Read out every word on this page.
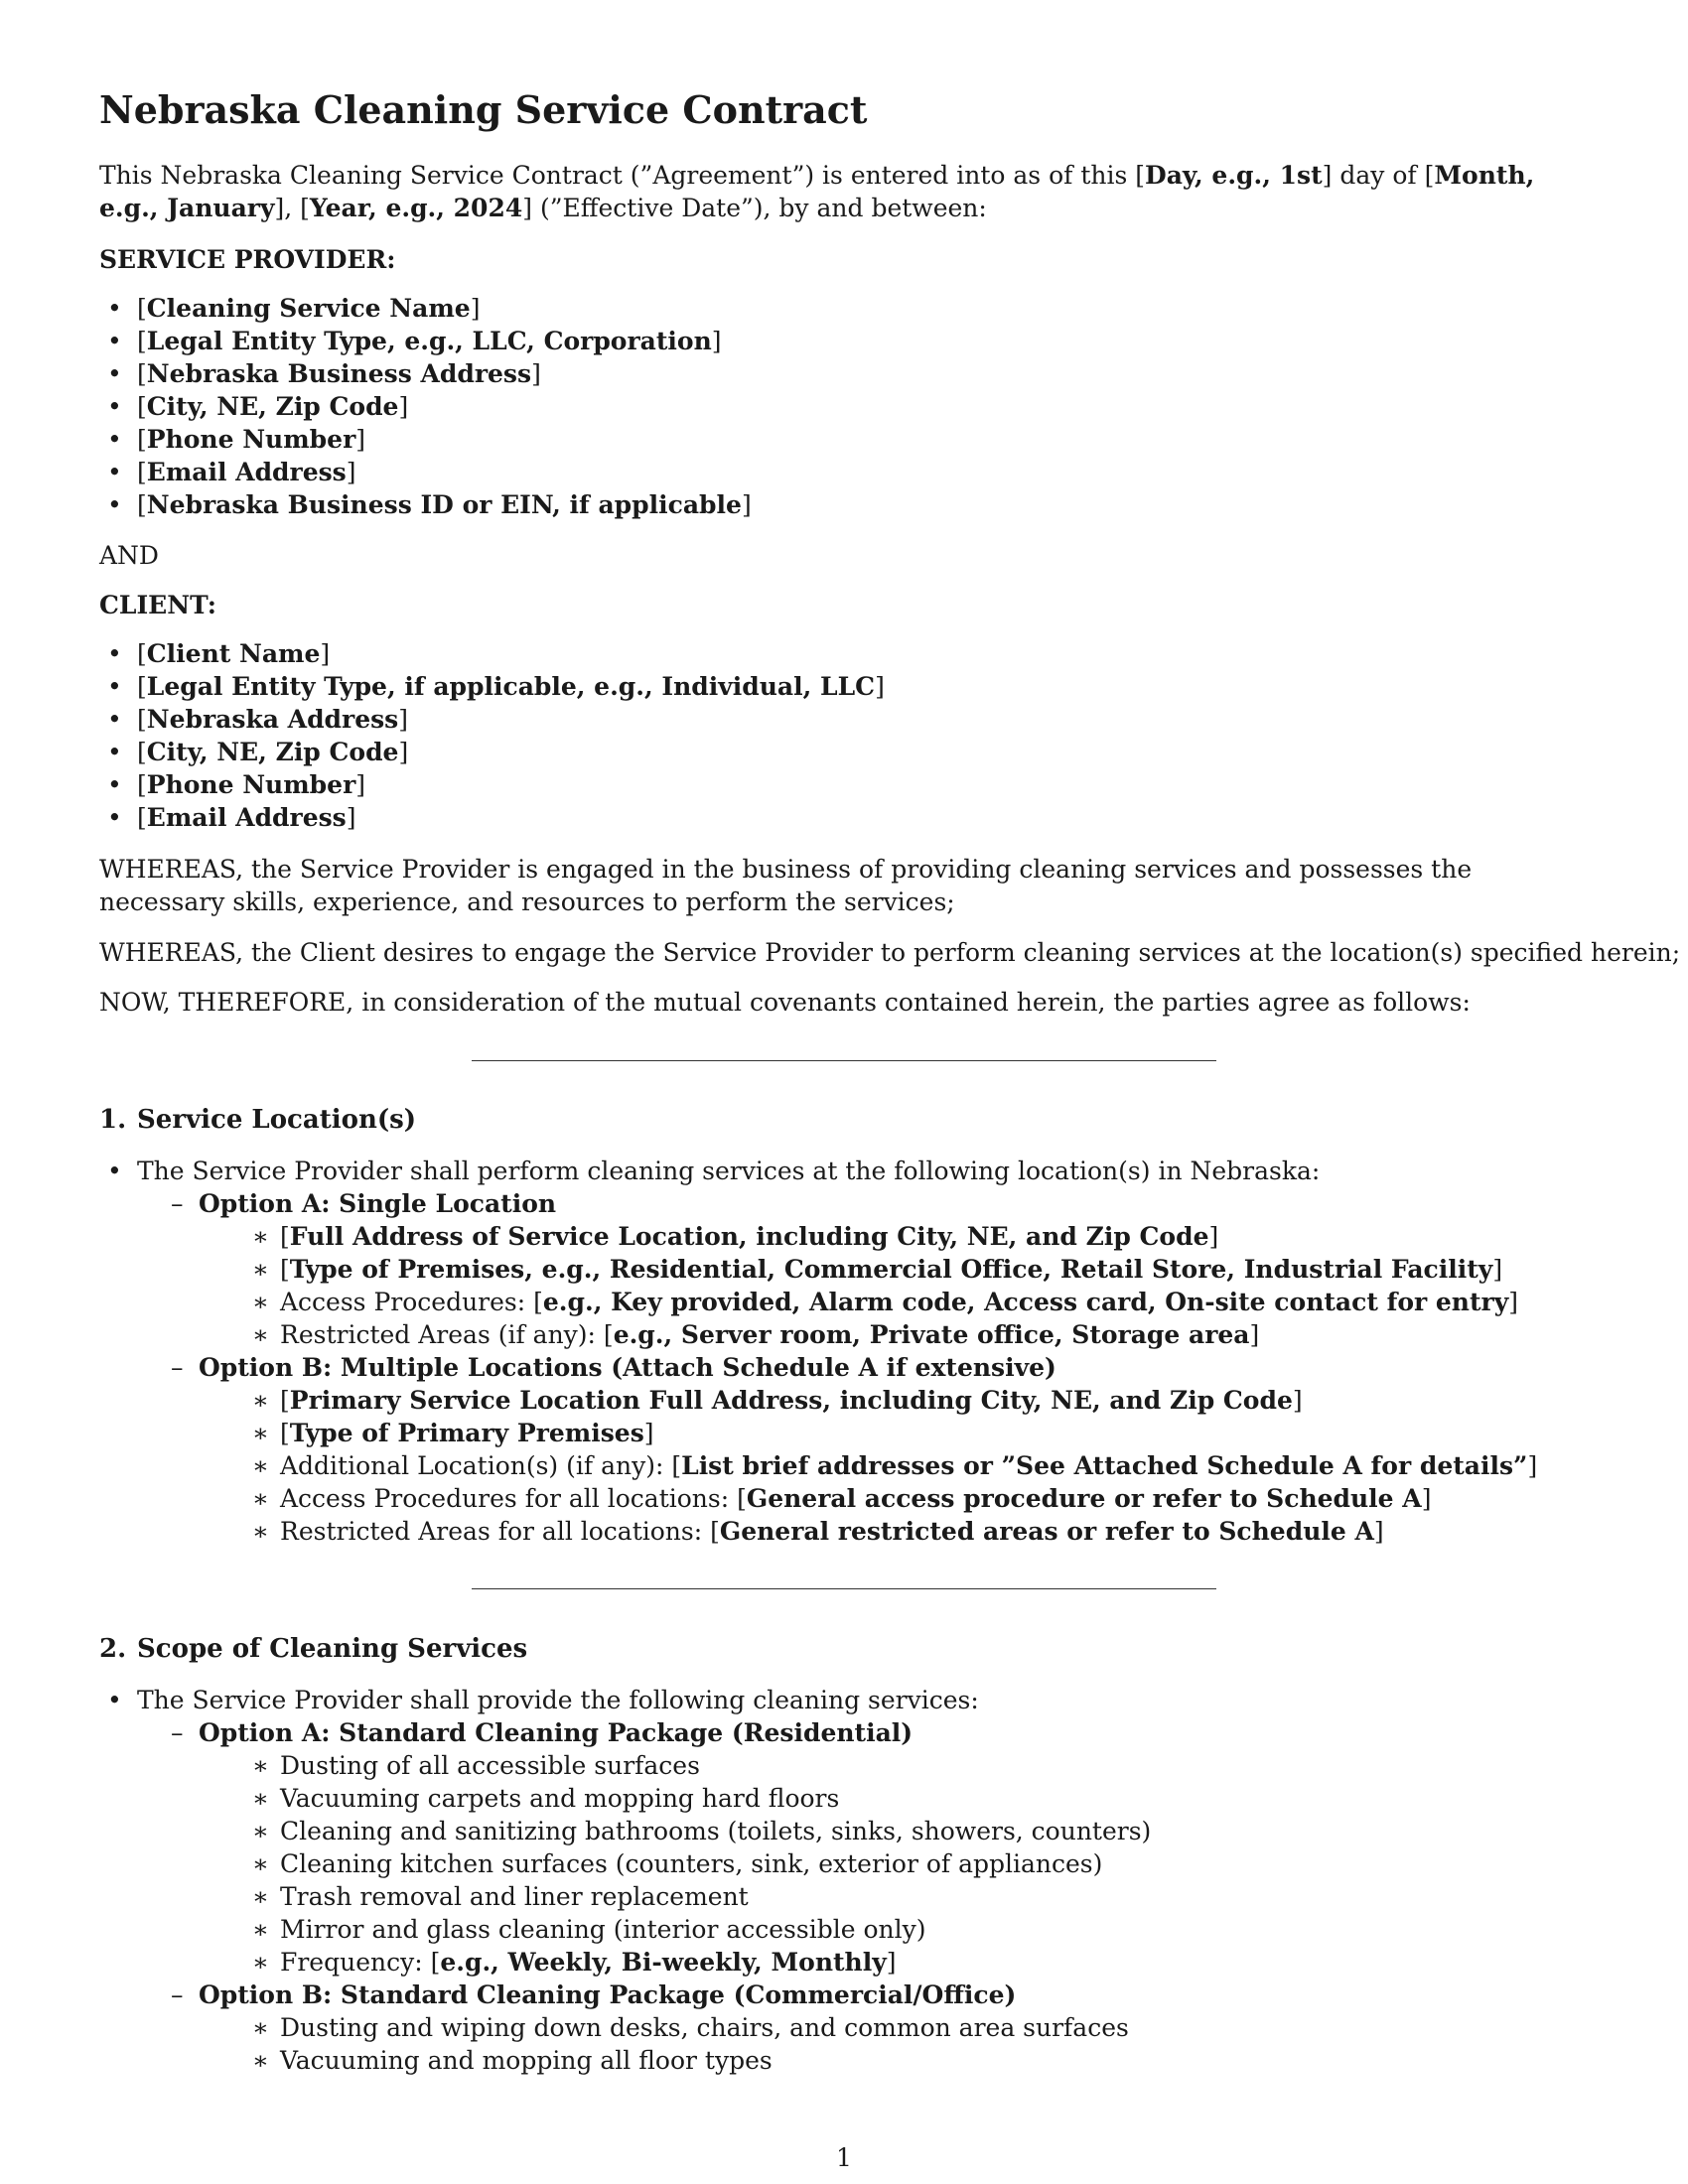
Nebraska Cleaning Service Contract

This Nebraska Cleaning Service Contract (”Agreement”) is entered into as of this [Day, e.g., 1st] day of [Month, e.g., January], [Year, e.g., 2024] (”Effective Date”), by and between:

SERVICE PROVIDER:

• [Cleaning Service Name]
• [Legal Entity Type, e.g., LLC, Corporation]
• [Nebraska Business Address]
• [City, NE, Zip Code]
• [Phone Number]
• [Email Address]
• [Nebraska Business ID or EIN, if applicable]

AND

CLIENT:

• [Client Name]
• [Legal Entity Type, if applicable, e.g., Individual, LLC]
• [Nebraska Address]
• [City, NE, Zip Code]
• [Phone Number]
• [Email Address]

WHEREAS, the Service Provider is engaged in the business of providing cleaning services and possesses the necessary skills, experience, and resources to perform the services;

WHEREAS, the Client desires to engage the Service Provider to perform cleaning services at the location(s) specified herein;

NOW, THEREFORE, in consideration of the mutual covenants contained herein, the parties agree as follows:

1. Service Location(s)

• The Service Provider shall perform cleaning services at the following location(s) in Nebraska:

– Option A: Single Location

∗ [Full Address of Service Location, including City, NE, and Zip Code]

∗ [Type of Premises, e.g., Residential, Commercial Office, Retail Store, Industrial Facility]

∗ Access Procedures: [e.g., Key provided, Alarm code, Access card, On-site contact for entry]

∗ Restricted Areas (if any): [e.g., Server room, Private office, Storage area]

– Option B: Multiple Locations (Attach Schedule A if extensive)

∗ [Primary Service Location Full Address, including City, NE, and Zip Code]

∗ [Type of Primary Premises]

∗ Additional Location(s) (if any): [List brief addresses or ”See Attached Schedule A for details”]

∗ Access Procedures for all locations: [General access procedure or refer to Schedule A]

∗ Restricted Areas for all locations: [General restricted areas or refer to Schedule A]

2. Scope of Cleaning Services

• The Service Provider shall provide the following cleaning services:

– Option A: Standard Cleaning Package (Residential)

∗ Dusting of all accessible surfaces

∗ Vacuuming carpets and mopping hard floors

∗ Cleaning and sanitizing bathrooms (toilets, sinks, showers, counters)

∗ Cleaning kitchen surfaces (counters, sink, exterior of appliances)

∗ Trash removal and liner replacement

∗ Mirror and glass cleaning (interior accessible only)

∗ Frequency: [e.g., Weekly, Bi-weekly, Monthly]

– Option B: Standard Cleaning Package (Commercial/Office)

∗ Dusting and wiping down desks, chairs, and common area surfaces

∗ Vacuuming and mopping all floor types

1
